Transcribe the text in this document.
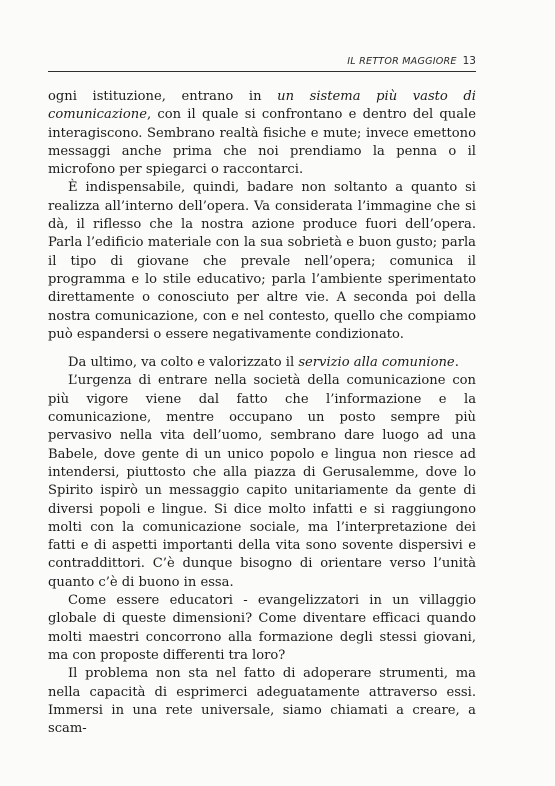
IL RETTOR MAGGIORE 13

ogni istituzione, entrano in un sistema più vasto di comunicazione, con il quale si confrontano e dentro del quale interagiscono. Sembrano realtà fisiche e mute; invece emettono messaggi anche prima che noi prendiamo la penna o il microfono per spiegarci o raccontarci.

È indispensabile, quindi, badare non soltanto a quanto si realizza all’interno dell’opera. Va considerata l’immagine che si dà, il riflesso che la nostra azione produce fuori dell’opera. Parla l’edificio materiale con la sua sobrietà e buon gusto; parla il tipo di giovane che prevale nell’opera; comunica il programma e lo stile educativo; parla l’ambiente sperimentato direttamente o conosciuto per altre vie. A seconda poi della nostra comunicazione, con e nel contesto, quello che compiamo può espandersi o essere negativamente condizionato.

Da ultimo, va colto e valorizzato il servizio alla comunione.

L’urgenza di entrare nella società della comunicazione con più vigore viene dal fatto che l’informazione e la comunicazione, mentre occupano un posto sempre più pervasivo nella vita dell’uomo, sembrano dare luogo ad una Babele, dove gente di un unico popolo e lingua non riesce ad intendersi, piuttosto che alla piazza di Gerusalemme, dove lo Spirito ispirò un messaggio capito unitariamente da gente di diversi popoli e lingue. Si dice molto infatti e si raggiungono molti con la comunicazione sociale, ma l’interpretazione dei fatti e di aspetti importanti della vita sono sovente dispersivi e contraddittori. C’è dunque bisogno di orientare verso l’unità quanto c’è di buono in essa.

Come essere educatori - evangelizzatori in un villaggio globale di queste dimensioni? Come diventare efficaci quando molti maestri concorrono alla formazione degli stessi giovani, ma con proposte differenti tra loro?

Il problema non sta nel fatto di adoperare strumenti, ma nella capacità di esprimerci adeguatamente attraverso essi. Immersi in una rete universale, siamo chiamati a creare, a scam-
